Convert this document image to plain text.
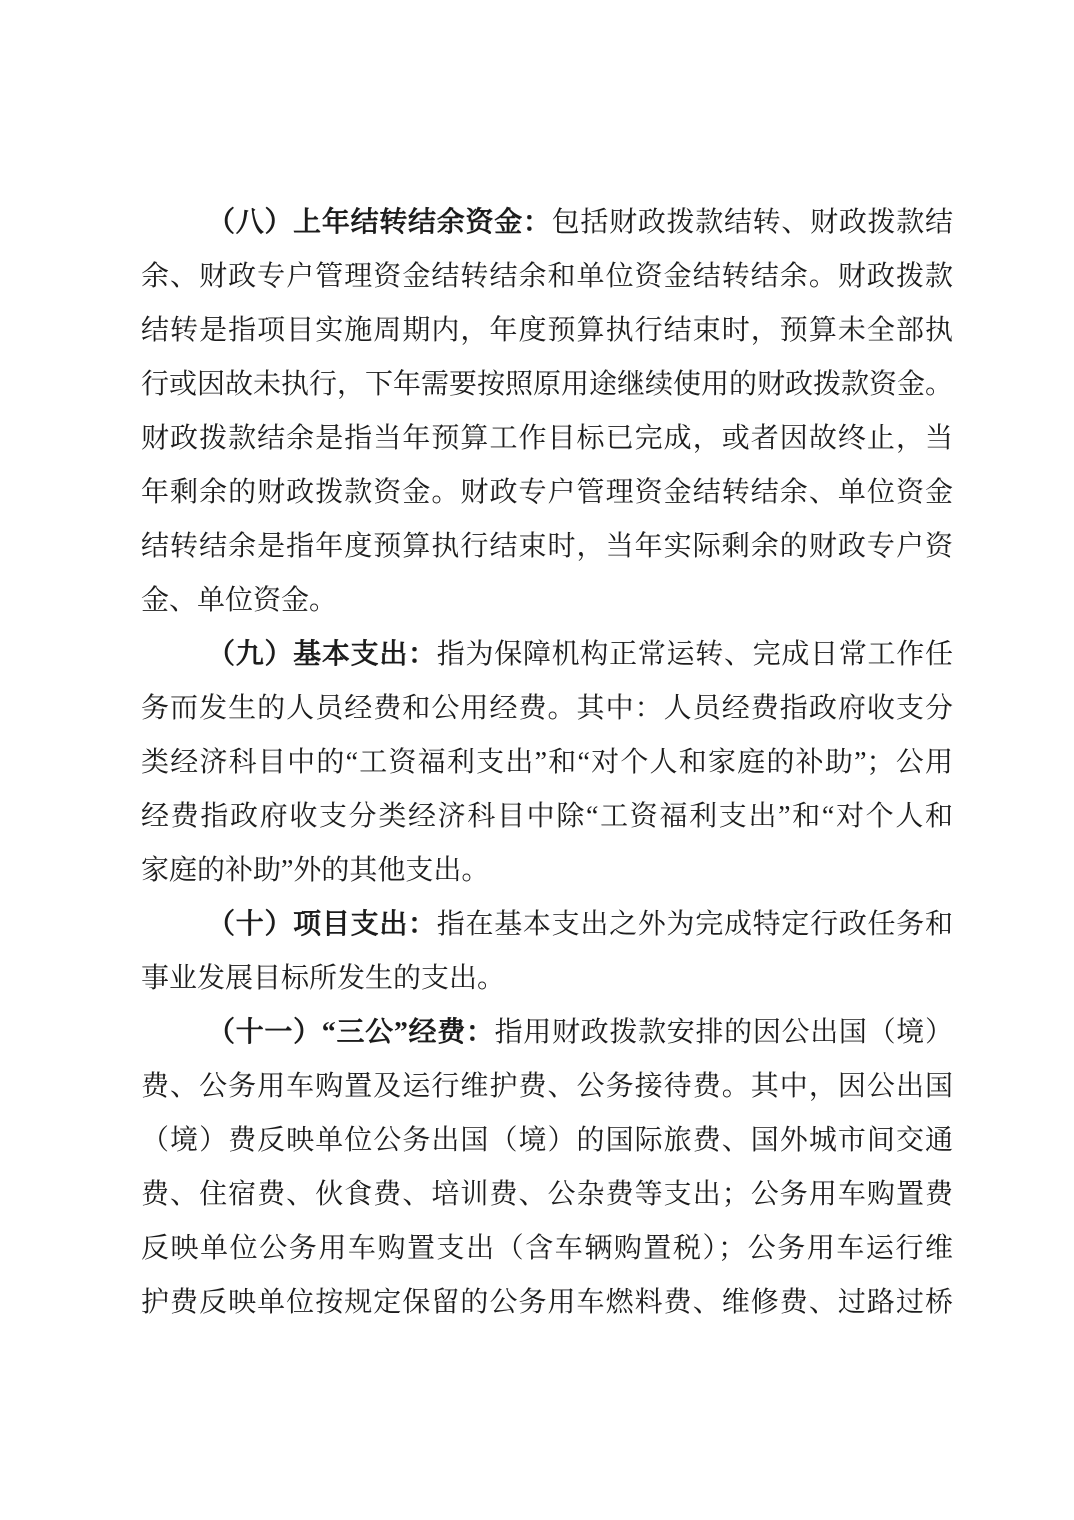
（八）上年结转结余资金：包括财政拨款结转、财政拨款结
余、财政专户管理资金结转结余和单位资金结转结余。财政拨款
结转是指项目实施周期内，年度预算执行结束时，预算未全部执
行或因故未执行，下年需要按照原用途继续使用的财政拨款资金。
财政拨款结余是指当年预算工作目标已完成，或者因故终止，当
年剩余的财政拨款资金。财政专户管理资金结转结余、单位资金
结转结余是指年度预算执行结束时，当年实际剩余的财政专户资
金、单位资金。
（九）基本支出：指为保障机构正常运转、完成日常工作任
务而发生的人员经费和公用经费。其中：人员经费指政府收支分
类经济科目中的“工资福利支出”和“对个人和家庭的补助”；公用
经费指政府收支分类经济科目中除“工资福利支出”和“对个人和
家庭的补助”外的其他支出。
（十）项目支出：指在基本支出之外为完成特定行政任务和
事业发展目标所发生的支出。
（十一）“三公”经费：指用财政拨款安排的因公出国（境）
费、公务用车购置及运行维护费、公务接待费。其中，因公出国
（境）费反映单位公务出国（境）的国际旅费、国外城市间交通
费、住宿费、伙食费、培训费、公杂费等支出；公务用车购置费
反映单位公务用车购置支出（含车辆购置税）；公务用车运行维
护费反映单位按规定保留的公务用车燃料费、维修费、过路过桥
